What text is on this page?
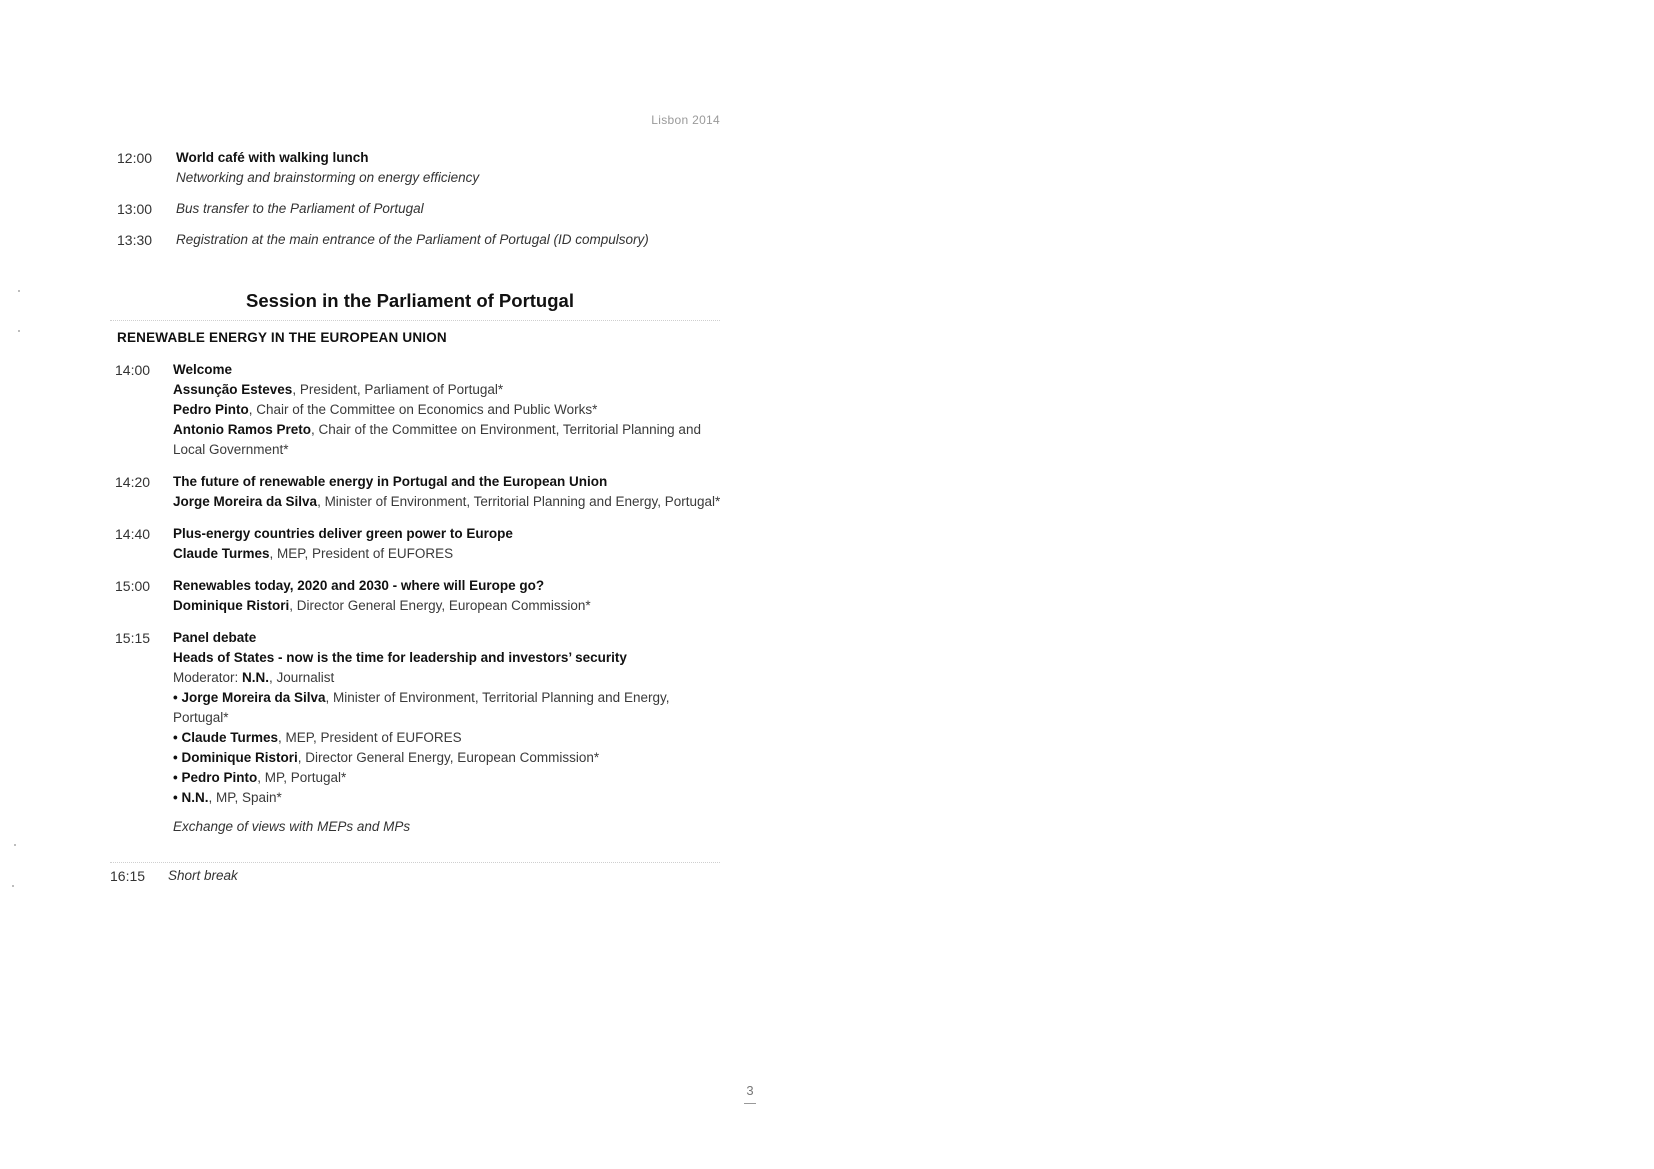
Lisbon 2014
12:00	World café with walking lunch
Networking and brainstorming on energy efficiency
13:00	Bus transfer to the Parliament of Portugal
13:30	Registration at the main entrance of the Parliament of Portugal (ID compulsory)
Session in the Parliament of Portugal
RENEWABLE ENERGY IN THE EUROPEAN UNION
14:00	Welcome
Assunção Esteves, President, Parliament of Portugal*
Pedro Pinto, Chair of the Committee on Economics and Public Works*
Antonio Ramos Preto, Chair of the Committee on Environment, Territorial Planning and Local Government*
14:20	The future of renewable energy in Portugal and the European Union
Jorge Moreira da Silva, Minister of Environment, Territorial Planning and Energy, Portugal*
14:40	Plus-energy countries deliver green power to Europe
Claude Turmes, MEP, President of EUFORES
15:00	Renewables today, 2020 and 2030 - where will Europe go?
Dominique Ristori, Director General Energy, European Commission*
15:15	Panel debate
Heads of States - now is the time for leadership and investors’ security
Moderator: N.N., Journalist
• Jorge Moreira da Silva, Minister of Environment, Territorial Planning and Energy, Portugal*
• Claude Turmes, MEP, President of EUFORES
• Dominique Ristori, Director General Energy, European Commission*
• Pedro Pinto, MP, Portugal*
• N.N., MP, Spain*
Exchange of views with MEPs and MPs
16:15	Short break
3
